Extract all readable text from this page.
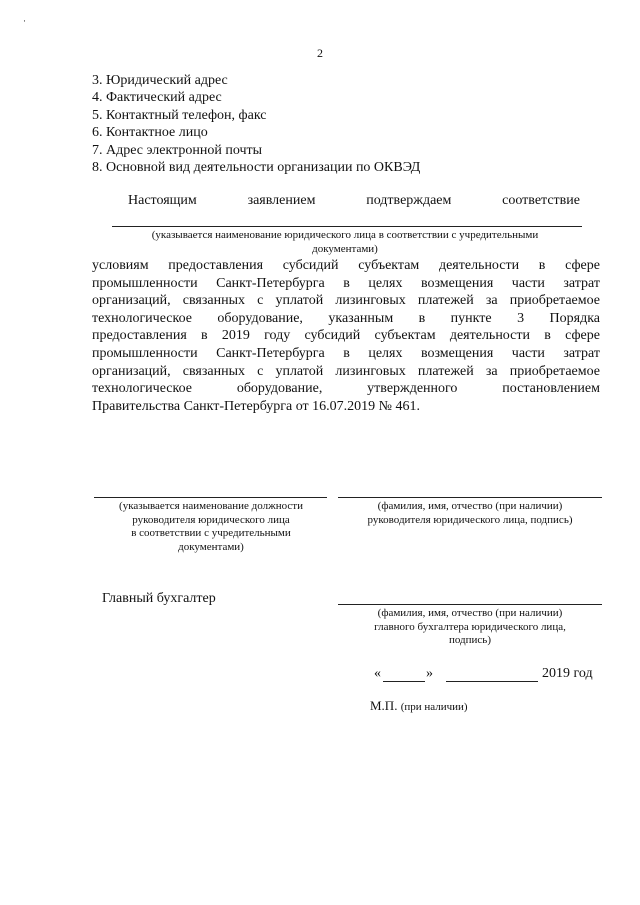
·
2
3. Юридический адрес
4. Фактический адрес
5. Контактный телефон, факс
6. Контактное лицо
7. Адрес электронной почты
8. Основной вид деятельности организации по ОКВЭД
Настоящим	заявлением	подтверждаем	соответствие
(указывается наименование юридического лица в соответствии с учредительными
документами)
условиям предоставления субсидий субъектам деятельности в сфере
промышленности Санкт-Петербурга в целях возмещения части затрат
организаций, связанных с уплатой лизинговых платежей за приобретаемое
технологическое оборудование, указанным в пункте 3 Порядка
предоставления в 2019 году субсидий субъектам деятельности в сфере
промышленности Санкт-Петербурга в целях возмещения части затрат
организаций, связанных с уплатой лизинговых платежей за приобретаемое
технологическое оборудование, утвержденного постановлением
Правительства Санкт-Петербурга от 16.07.2019 № 461.
(указывается наименование должности
руководителя юридического лица
в соответствии с учредительными
документами)
(фамилия, имя, отчество (при наличии)
руководителя юридического лица, подпись)
Главный бухгалтер
(фамилия, имя, отчество (при наличии)
главного бухгалтера юридического лица,
подпись)
«	»	2019 год
М.П. (при наличии)
